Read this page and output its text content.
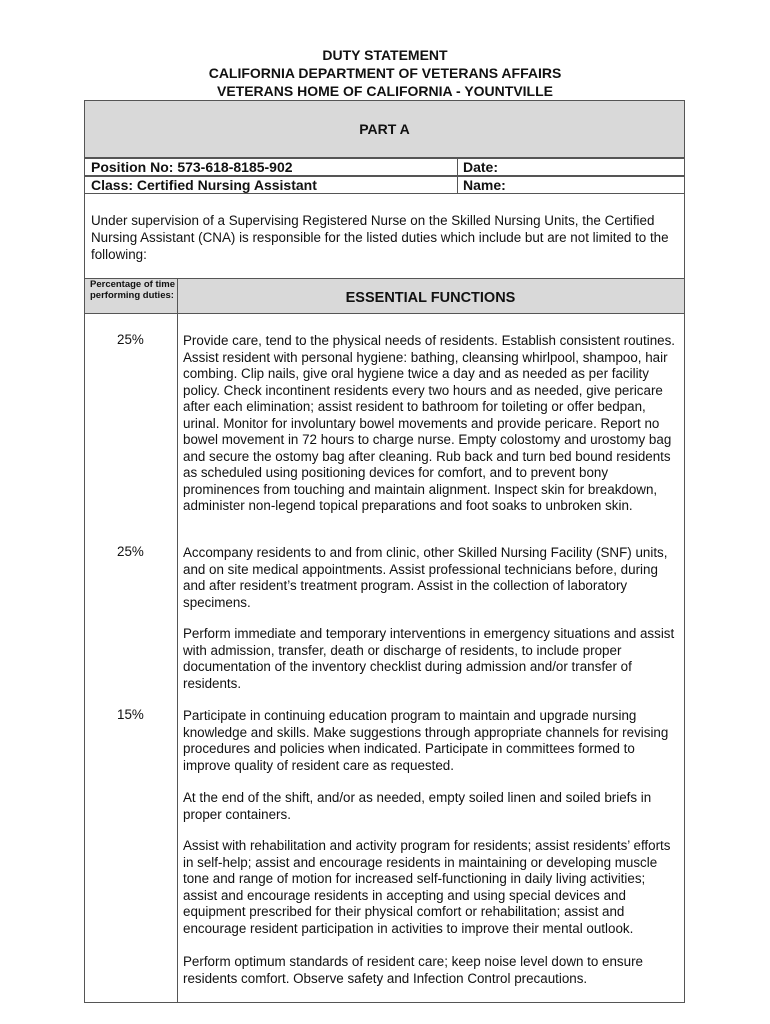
DUTY STATEMENT
CALIFORNIA DEPARTMENT OF VETERANS AFFAIRS
VETERANS HOME OF CALIFORNIA - YOUNTVILLE
PART A
Position No: 573-618-8185-902	Date:
Class: Certified Nursing Assistant	Name:
Under supervision of a Supervising Registered Nurse on the Skilled Nursing Units, the Certified Nursing Assistant (CNA) is responsible for the listed duties which include but are not limited to the following:
Percentage of time performing duties:	ESSENTIAL FUNCTIONS
25%	Provide care, tend to the physical needs of residents. Establish consistent routines. Assist resident with personal hygiene: bathing, cleansing whirlpool, shampoo, hair combing. Clip nails, give oral hygiene twice a day and as needed as per facility policy. Check incontinent residents every two hours and as needed, give pericare after each elimination; assist resident to bathroom for toileting or offer bedpan, urinal. Monitor for involuntary bowel movements and provide pericare. Report no bowel movement in 72 hours to charge nurse. Empty colostomy and urostomy bag and secure the ostomy bag after cleaning. Rub back and turn bed bound residents as scheduled using positioning devices for comfort, and to prevent bony prominences from touching and maintain alignment. Inspect skin for breakdown, administer non-legend topical preparations and foot soaks to unbroken skin.
25%	Accompany residents to and from clinic, other Skilled Nursing Facility (SNF) units, and on site medical appointments. Assist professional technicians before, during and after resident’s treatment program. Assist in the collection of laboratory specimens.
Perform immediate and temporary interventions in emergency situations and assist with admission, transfer, death or discharge of residents, to include proper documentation of the inventory checklist during admission and/or transfer of residents.
15%	Participate in continuing education program to maintain and upgrade nursing knowledge and skills. Make suggestions through appropriate channels for revising procedures and policies when indicated. Participate in committees formed to improve quality of resident care as requested.
At the end of the shift, and/or as needed, empty soiled linen and soiled briefs in proper containers.
Assist with rehabilitation and activity program for residents; assist residents’ efforts in self-help; assist and encourage residents in maintaining or developing muscle tone and range of motion for increased self-functioning in daily living activities; assist and encourage residents in accepting and using special devices and equipment prescribed for their physical comfort or rehabilitation; assist and encourage resident participation in activities to improve their mental outlook.
Perform optimum standards of resident care; keep noise level down to ensure residents comfort. Observe safety and Infection Control precautions.
